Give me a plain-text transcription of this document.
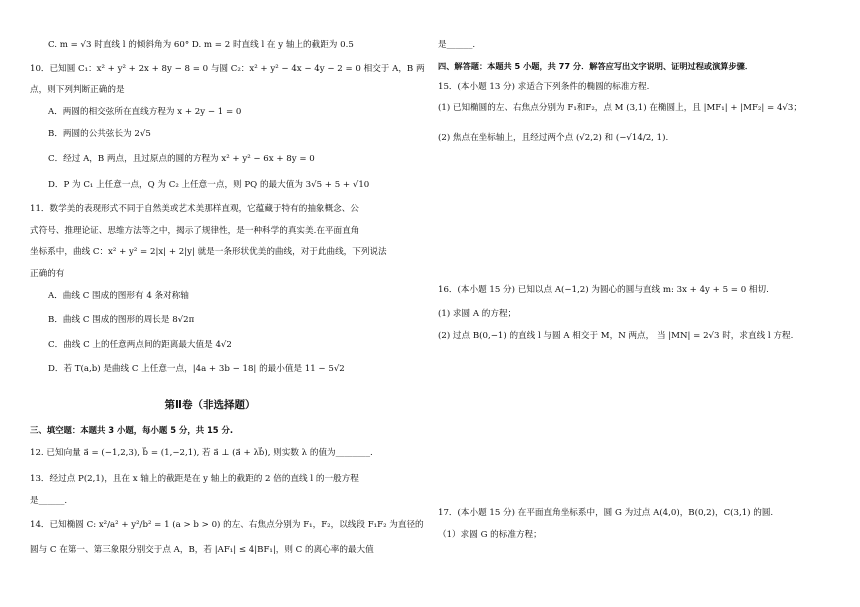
C. m = √3 时直线 l 的倾斜角为 60° D. m = 2 时直线 l 在 y 轴上的截距为 0.5
10．已知圆 C₁：x² + y² + 2x + 8y − 8 = 0 与圆 C₂：x² + y² − 4x − 4y − 2 = 0 相交于 A，B 两
点，则下列判断正确的是
A．两圆的相交弦所在直线方程为 x + 2y − 1 = 0
B．两圆的公共弦长为 2√5
C．经过 A，B 两点，且过原点的圆的方程为 x² + y² − 6x + 8y = 0
D．P 为 C₁ 上任意一点，Q 为 C₂ 上任意一点，则 PQ 的最大值为 3√5 + 5 + √10
11．数学美的表现形式不同于自然美或艺术美那样直观，它蕴藏于特有的抽象概念、公
式符号、推理论证、思维方法等之中，揭示了规律性，是一种科学的真实美.在平面直角
坐标系中，曲线 C：x² + y² = 2|x| + 2|y| 就是一条形状优美的曲线，对于此曲线，下列说法
正确的有
A．曲线 C 围成的图形有 4 条对称轴
B．曲线 C 围成的图形的周长是 8√2π
C．曲线 C 上的任意两点间的距离最大值是 4√2
D．若 T(a,b) 是曲线 C 上任意一点，|4a + 3b − 18| 的最小值是 11 − 5√2
第Ⅱ卷（非选择题）
三、填空题：本题共 3 小题，每小题 5 分，共 15 分.
12. 已知向量 a⃗ = (−1,2,3), b⃗ = (1,−2,1), 若 a⃗ ⊥ (a⃗ + λb⃗), 则实数 λ 的值为________.
13．经过点 P(2,1)，且在 x 轴上的截距是在 y 轴上的截距的 2 倍的直线 l 的一般方程
是______.
14．已知椭圆 C: x²/a² + y²/b² = 1 (a > b > 0) 的左、右焦点分别为 F₁，F₂，以线段 F₁F₂ 为直径的
圆与 C 在第一、第三象限分别交于点 A，B，若 |AF₁| ≤ 4|BF₁|，则 C 的离心率的最大值
是______.
四、解答题：本题共 5 小题，共 77 分．解答应写出文字说明、证明过程或演算步骤．
15．(本小题 13 分) 求适合下列条件的椭圆的标准方程.
(1) 已知椭圆的左、右焦点分别为 F₁和F₂，点 M (3,1) 在椭圆上，且 |MF₁| + |MF₂| = 4√3；
(2) 焦点在坐标轴上，且经过两个点 (√2,2) 和 (−√14/2, 1).
16．(本小题 15 分) 已知以点 A(−1,2) 为圆心的圆与直线 m: 3x + 4y + 5 = 0 相切.
(1) 求圆 A 的方程；
(2) 过点 B(0,−1) 的直线 l 与圆 A 相交于 M，N 两点， 当 |MN| = 2√3 时，求直线 l 方程.
17．(本小题 15 分) 在平面直角坐标系中，圆 G 为过点 A(4,0)，B(0,2)，C(3,1) 的圆.
（1）求圆 G 的标准方程；
